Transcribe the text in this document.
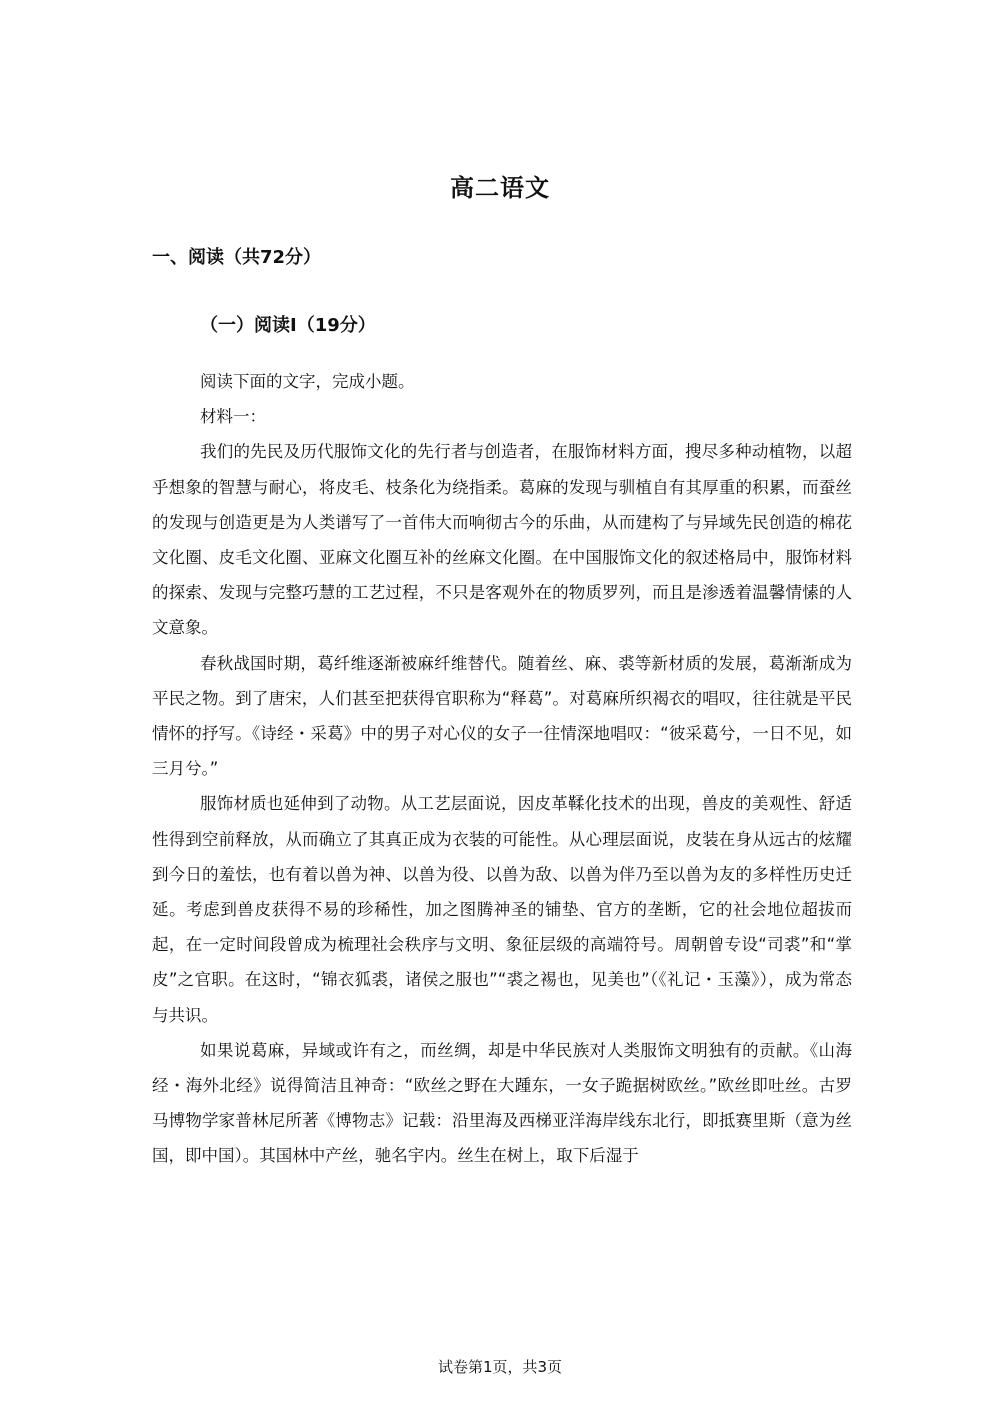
高二语文
一、阅读（共72分）
（一）阅读Ⅰ（19分）

阅读下面的文字，完成小题。

材料一：

我们的先民及历代服饰文化的先行者与创造者，在服饰材料方面，搜尽多种动植物，以超乎想象的智慧与耐心，将皮毛、枝条化为绕指柔。葛麻的发现与驯植自有其厚重的积累，而蚕丝的发现与创造更是为人类谱写了一首伟大而响彻古今的乐曲，从而建构了与异域先民创造的棉花文化圈、皮毛文化圈、亚麻文化圈互补的丝麻文化圈。在中国服饰文化的叙述格局中，服饰材料的探索、发现与完整巧慧的工艺过程，不只是客观外在的物质罗列，而且是渗透着温馨情愫的人文意象。

春秋战国时期，葛纤维逐渐被麻纤维替代。随着丝、麻、裘等新材质的发展，葛渐渐成为平民之物。到了唐宋，人们甚至把获得官职称为“释葛”。对葛麻所织褐衣的唱叹，往往就是平民情怀的抒写。《诗经・采葛》中的男子对心仪的女子一往情深地唱叹：“彼采葛兮，一日不见，如三月兮。”

服饰材质也延伸到了动物。从工艺层面说，因皮革鞣化技术的出现，兽皮的美观性、舒适性得到空前释放，从而确立了其真正成为衣装的可能性。从心理层面说，皮装在身从远古的炫耀到今日的羞怯，也有着以兽为神、以兽为役、以兽为敌、以兽为伴乃至以兽为友的多样性历史迁延。考虑到兽皮获得不易的珍稀性，加之图腾神圣的铺垫、官方的垄断，它的社会地位超拔而起，在一定时间段曾成为梳理社会秩序与文明、象征层级的高端符号。周朝曾专设“司裘”和“掌皮”之官职。在这时，“锦衣狐裘，诸侯之服也”“裘之裼也，见美也”（《礼记・玉藻》），成为常态与共识。

如果说葛麻，异域或许有之，而丝绸，却是中华民族对人类服饰文明独有的贡献。《山海经・海外北经》说得简洁且神奇：“欧丝之野在大踵东，一女子跪据树欧丝。”欧丝即吐丝。古罗马博物学家普林尼所著《博物志》记载：沿里海及西梯亚洋海岸线东北行，即抵赛里斯（意为丝国，即中国）。其国林中产丝，驰名宇内。丝生在树上，取下后湿于

试卷第1页，共3页
